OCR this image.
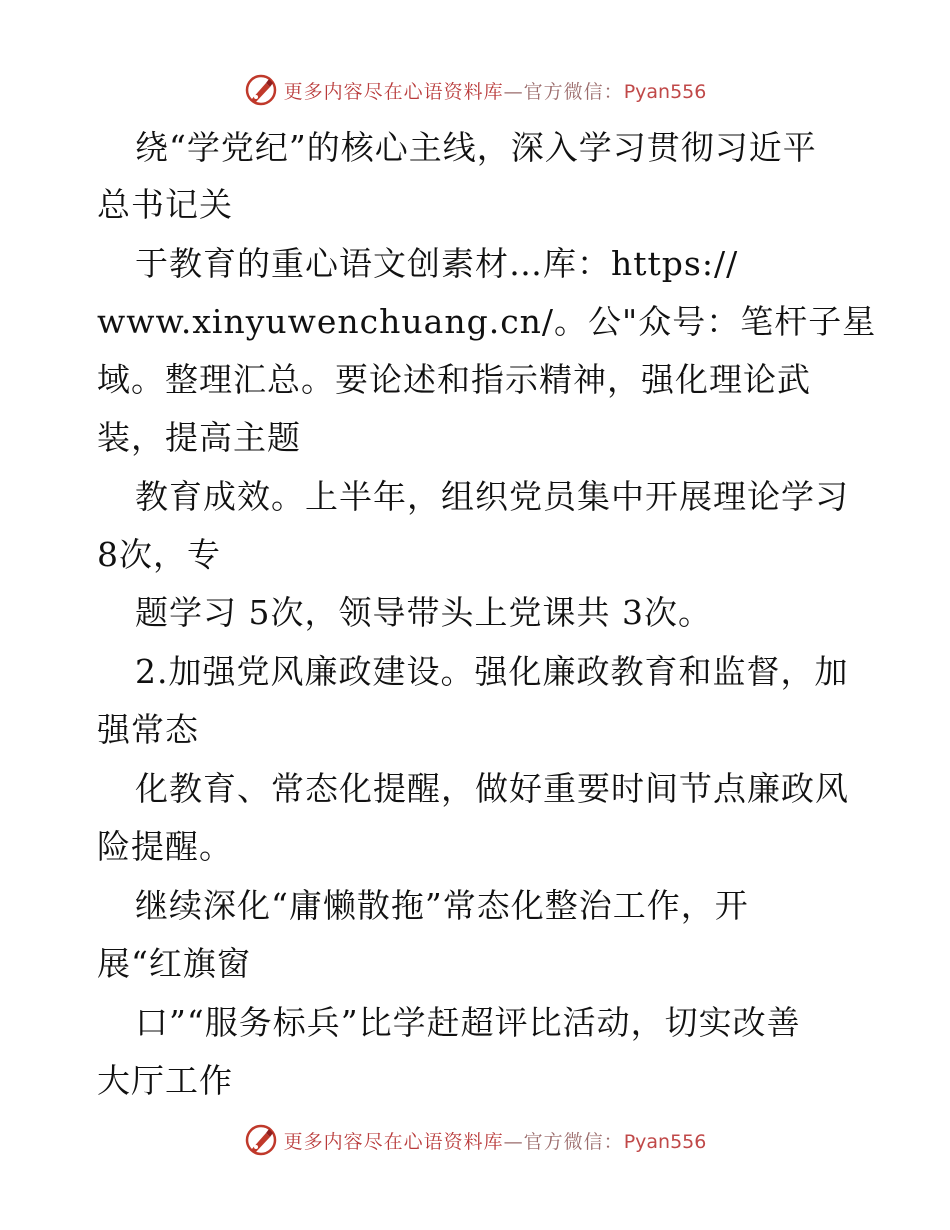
更多内容尽在心语资料库—官方微信：Pyan556
绕“学党纪”的核心主线，深入学习贯彻习近平
总书记关
于教育的重心语文创素材…库：https://
www.xinyuwenchuang.cn/。公"众号：笔杆子星
域。整理汇总。要论述和指示精神，强化理论武
装，提高主题
教育成效。上半年，组织党员集中开展理论学习
8次，专
题学习 5次，领导带头上党课共 3次。
2.加强党风廉政建设。强化廉政教育和监督，加
强常态
化教育、常态化提醒，做好重要时间节点廉政风
险提醒。
继续深化“庸懒散拖”常态化整治工作，开
展“红旗窗
口”“服务标兵”比学赶超评比活动，切实改善
大厅工作
更多内容尽在心语资料库—官方微信：Pyan556
